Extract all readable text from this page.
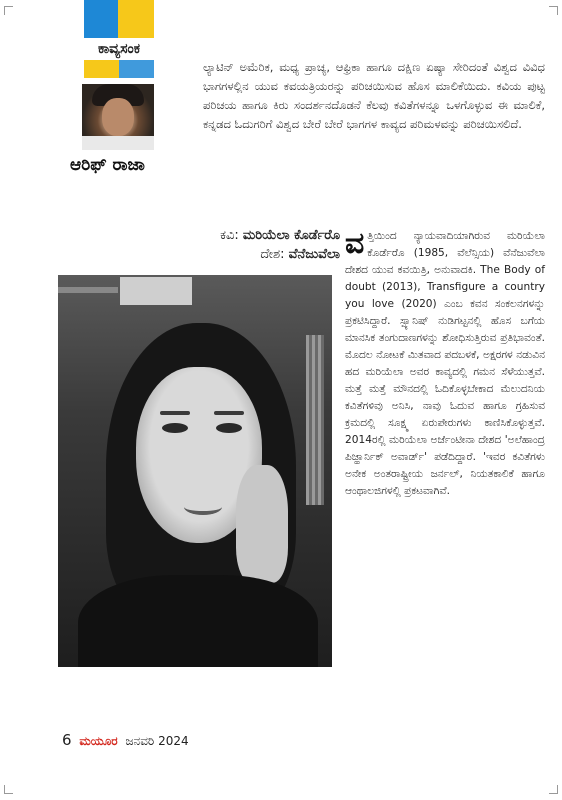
ಕಾವ್ಯಸಂಕ
ಆರಿಫ್ ರಾಜಾ

ಲ್ಯಾಟಿನ್ ಅಮೆರಿಕ, ಮಧ್ಯ ಪ್ರಾಚ್ಯ, ಆಫ್ರಿಕಾ ಹಾಗೂ ದಕ್ಷಿಣ ಏಷ್ಯಾ ಸೇರಿದಂತೆ ವಿಶ್ವದ ವಿವಿಧ ಭಾಗಗಳಲ್ಲಿನ ಯುವ ಕವಯತ್ರಿಯರನ್ನು ಪರಿಚಯಿಸುವ ಹೊಸ ಮಾಲಿಕೆಯಿದು. ಕವಿಯ ಪುಟ್ಟ ಪರಿಚಯ ಹಾಗೂ ಕಿರು ಸಂದರ್ಶನದೊಡನೆ ಕೆಲವು ಕವಿತೆಗಳನ್ನೂ ಒಳಗೊಳ್ಳುವ ಈ ಮಾಲಿಕೆ, ಕನ್ನಡದ ಓದುಗರಿಗೆ ವಿಶ್ವದ ಬೇರೆ ಬೇರೆ ಭಾಗಗಳ ಕಾವ್ಯದ ಪರಿಮಳವನ್ನು ಪರಿಚಯಿಸಲಿದೆ.

ಕವಿ: ಮರಿಯೆಲಾ ಕೊರ್ಡೆರೊ
ದೇಶ: ವೆನೆಜುವೆಲಾ ವತ್ತಿಯಿಂದ ನ್ಯಾಯವಾದಿಯಾಗಿರುವ ಮರಿಯೆಲಾ ಕೊರ್ಡೆರೊ (1985, ವೆಲೆನ್ಸಿಯ) ವೆನೆಜುವೆಲಾ ದೇಶದ ಯುವ ಕವಯಿತ್ರಿ, ಅನುವಾದಕಿ. The Body of doubt (2013), Transfigure a country you love (2020) ಎಂಬ ಕವನ ಸಂಕಲನಗಳನ್ನು ಪ್ರಕಟಿಸಿದ್ದಾರೆ. ಸ್ಪ್ಯಾನಿಷ್ ನುಡಿಗಟ್ಟನಲ್ಲಿ ಹೊಸ ಬಗೆಯ ಮಾನಸಿಕ ತಂಗುದಾಣಗಳನ್ನು ಶೋಧಿಸುತ್ತಿರುವ ಪ್ರತಿಭಾವಂತೆ. ಮೊದಲ ನೋಟಕೆ ಮಿತವಾದ ಪದಬಳಕೆ, ಅಕ್ಷರಗಳ ನಡುವಿನ ಹದ ಮರಿಯೆಲಾ ಅವರ ಕಾವ್ಯದಲ್ಲಿ ಗಮನ ಸೆಳೆಯುತ್ತವೆ. ಮತ್ತೆ ಮತ್ತೆ ಮೌನದಲ್ಲಿ ಓದಿಕೊಳ್ಳಬೇಕಾದ ಮೆಲುದನಿಯ ಕವಿತೆಗಳಿವು ಅನಿಸಿ, ನಾವು ಓದುವ ಹಾಗೂ ಗ್ರಹಿಸುವ ಕ್ರಮದಲ್ಲಿ ಸೂಕ್ಷ್ಮ ಏರುಪೇರುಗಳು ಕಾಣಿಸಿಕೊಳ್ಳುತ್ತವೆ. 2014ರಲ್ಲಿ ಮರಿಯೆಲಾ ಅರ್ಜೆಂಟೀನಾ ದೇಶದ 'ಅಲೆಹಾಂದ್ರ ಪಿಜ್ಹಾರ್ನಿಕ್ ಅವಾರ್ಡ್' ಪಡೆದಿದ್ದಾರೆ. 'ಇವರ ಕವಿತೆಗಳು ಅನೇಕ ಅಂತರಾಷ್ಟ್ರೀಯ ಜರ್ನಲ್, ನಿಯತಕಾಲಿಕೆ ಹಾಗೂ ಆಂಥಾಲಜಿಗಳಲ್ಲಿ ಪ್ರಕಟವಾಗಿವೆ.
6 ಮಯೂರ ಜನವರಿ 2024
